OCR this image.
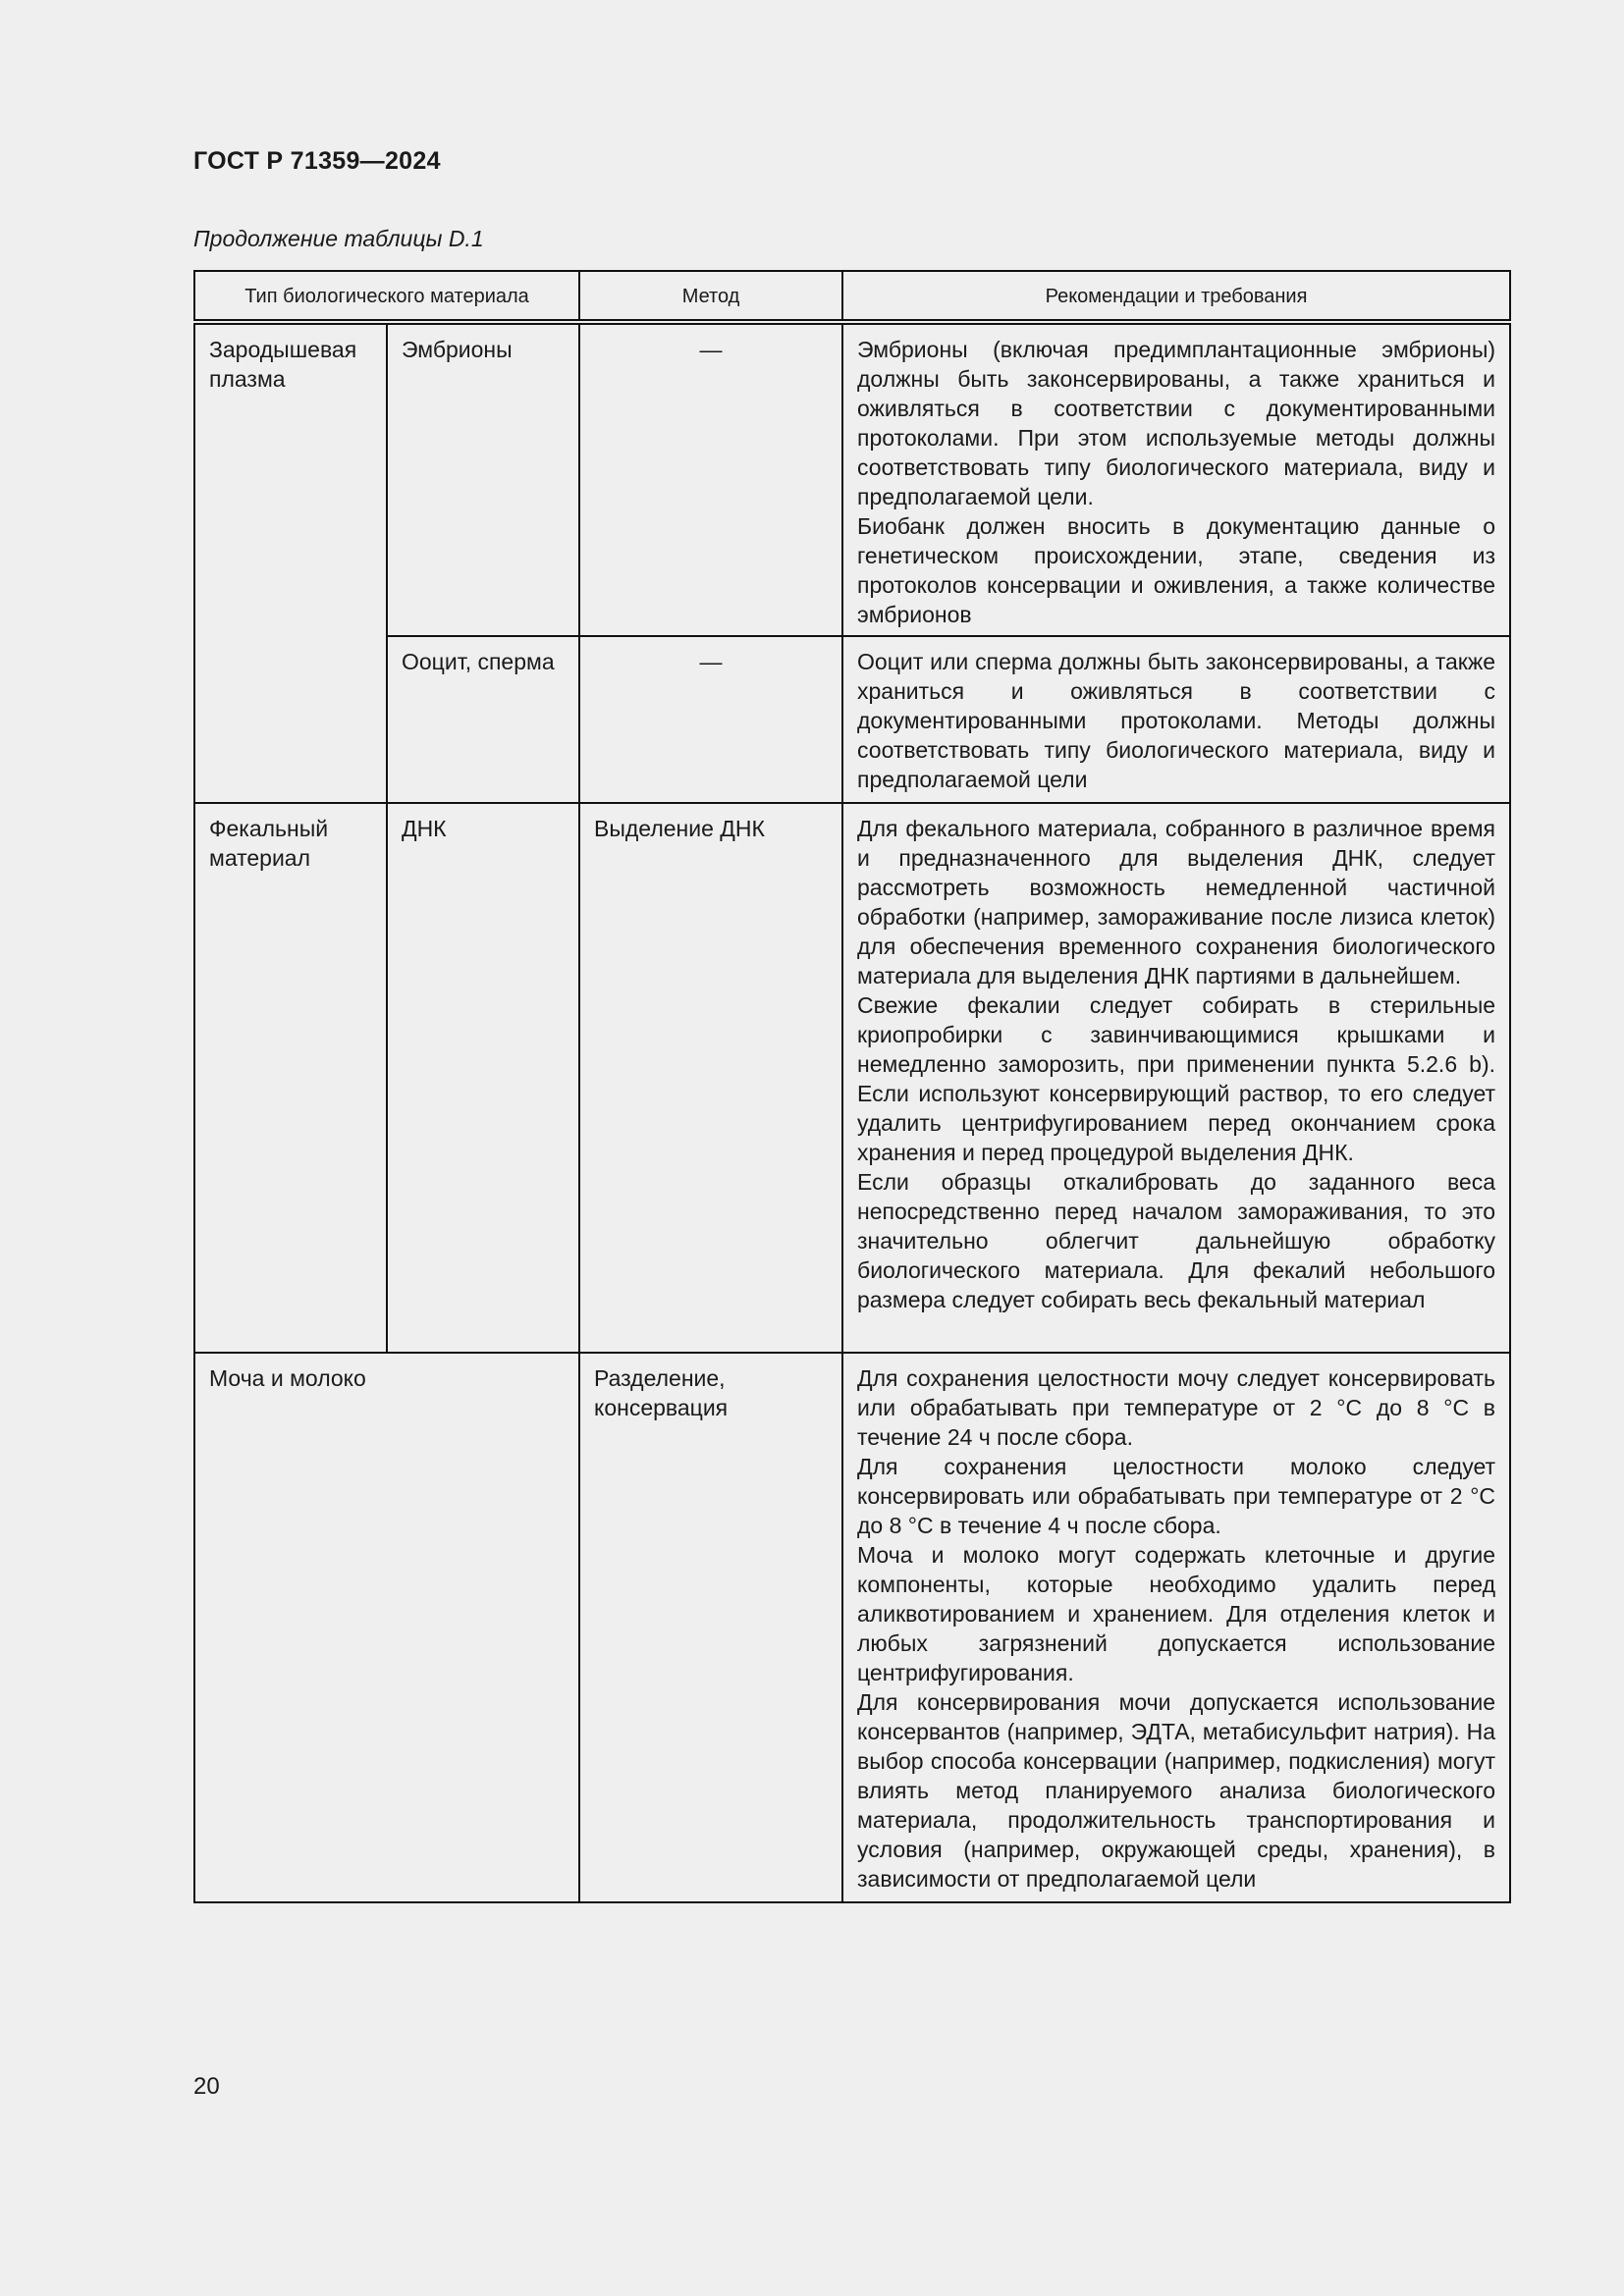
ГОСТ Р 71359—2024
Продолжение таблицы D.1
Тип биологического материала		Метод	Рекомендации и требования
Зародышевая плазма	Эмбрионы	—	Эмбрионы (включая предимплантационные эмбрионы) должны быть законсервированы, а также храниться и оживляться в соответствии с документированными протоколами. При этом используемые методы должны соответствовать типу биологического материала, виду и предполагаемой цели.
Биобанк должен вносить в документацию данные о генетическом происхождении, этапе, сведения из протоколов консервации и оживления, а также количестве эмбрионов

	Ооцит, сперма	—	Ооцит или сперма должны быть законсервированы, а также храниться и оживляться в соответствии с документированными протоколами. Методы должны соответствовать типу биологического материала, виду и предполагаемой цели

Фекальный материал	ДНК	Выделение ДНК	Для фекального материала, собранного в различное время и предназначенного для выделения ДНК, следует рассмотреть возможность немедленной частичной обработки (например, замораживание после лизиса клеток) для обеспечения временного сохранения биологического материала для выделения ДНК партиями в дальнейшем.
Свежие фекалии следует собирать в стерильные криопробирки с завинчивающимися крышками и немедленно заморозить, при применении пункта 5.2.6 b). Если используют консервирующий раствор, то его следует удалить центрифугированием перед окончанием срока хранения и перед процедурой выделения ДНК.
Если образцы откалибровать до заданного веса непосредственно перед началом замораживания, то это значительно облегчит дальнейшую обработку биологического материала. Для фекалий небольшого размера следует собирать весь фекальный материал

Моча и молоко		Разделение, консервация	Для сохранения целостности мочу следует консервировать или обрабатывать при температуре от 2 °C до 8 °C в течение 24 ч после сбора.
Для сохранения целостности молоко следует консервировать или обрабатывать при температуре от 2 °C до 8 °C в течение 4 ч после сбора.
Моча и молоко могут содержать клеточные и другие компоненты, которые необходимо удалить перед аликвотированием и хранением. Для отделения клеток и любых загрязнений допускается использование центрифугирования.
Для консервирования мочи допускается использование консервантов (например, ЭДТА, метабисульфит натрия). На выбор способа консервации (например, подкисления) могут влиять метод планируемого анализа биологического материала, продолжительность транспортирования и условия (например, окружающей среды, хранения), в зависимости от предполагаемой цели
20
